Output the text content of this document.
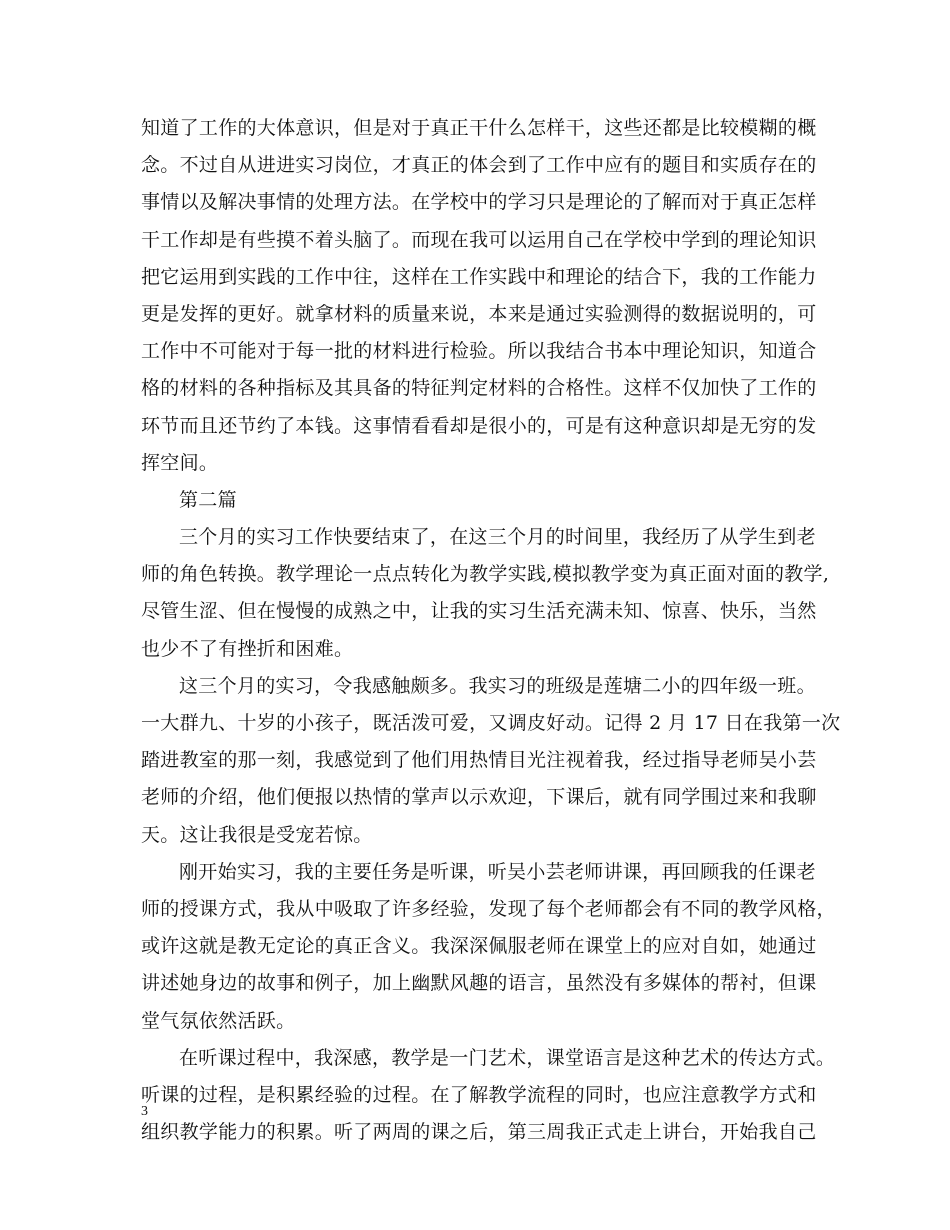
知道了工作的大体意识，但是对于真正干什么怎样干，这些还都是比较模糊的概
念。不过自从进进实习岗位，才真正的体会到了工作中应有的题目和实质存在的
事情以及解决事情的处理方法。在学校中的学习只是理论的了解而对于真正怎样
干工作却是有些摸不着头脑了。而现在我可以运用自己在学校中学到的理论知识
把它运用到实践的工作中往，这样在工作实践中和理论的结合下，我的工作能力
更是发挥的更好。就拿材料的质量来说，本来是通过实验测得的数据说明的，可
工作中不可能对于每一批的材料进行检验。所以我结合书本中理论知识，知道合
格的材料的各种指标及其具备的特征判定材料的合格性。这样不仅加快了工作的
环节而且还节约了本钱。这事情看看却是很小的，可是有这种意识却是无穷的发
挥空间。
第二篇
三个月的实习工作快要结束了，在这三个月的时间里，我经历了从学生到老
师的角色转换。教学理论一点点转化为教学实践,模拟教学变为真正面对面的教学,
尽管生涩、但在慢慢的成熟之中，让我的实习生活充满未知、惊喜、快乐，当然
也少不了有挫折和困难。
这三个月的实习，令我感触颇多。我实习的班级是莲塘二小的四年级一班。
一大群九、十岁的小孩子，既活泼可爱，又调皮好动。记得 2 月 17 日在我第一次
踏进教室的那一刻，我感觉到了他们用热情目光注视着我，经过指导老师吴小芸
老师的介绍，他们便报以热情的掌声以示欢迎，下课后，就有同学围过来和我聊
天。这让我很是受宠若惊。
刚开始实习，我的主要任务是听课，听吴小芸老师讲课，再回顾我的任课老
师的授课方式，我从中吸取了许多经验，发现了每个老师都会有不同的教学风格，
或许这就是教无定论的真正含义。我深深佩服老师在课堂上的应对自如，她通过
讲述她身边的故事和例子，加上幽默风趣的语言，虽然没有多媒体的帮衬，但课
堂气氛依然活跃。
在听课过程中，我深感，教学是一门艺术，课堂语言是这种艺术的传达方式。
听课的过程，是积累经验的过程。在了解教学流程的同时，也应注意教学方式和
组织教学能力的积累。听了两周的课之后，第三周我正式走上讲台，开始我自己
3
